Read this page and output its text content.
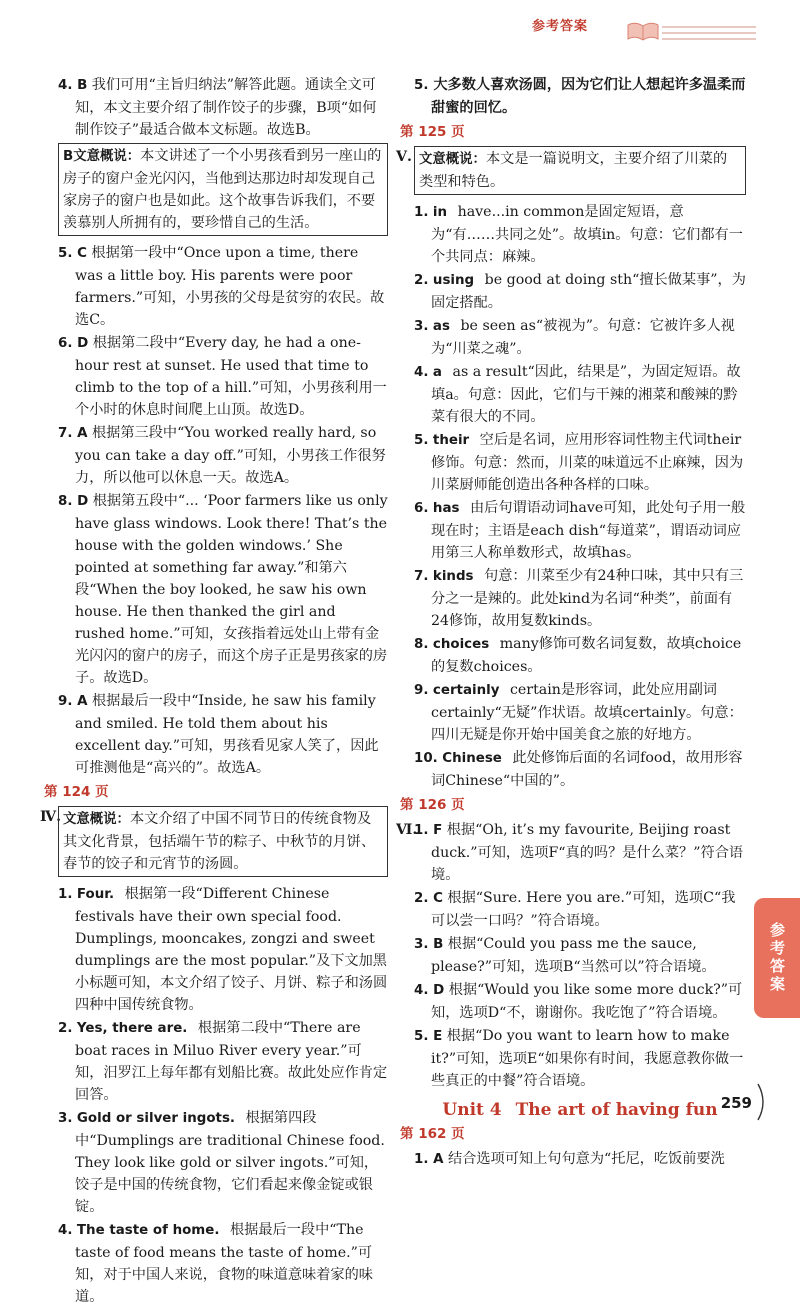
参考答案
4. B 我们可用“主旨归纳法”解答此题。通读全文可知，本文主要介绍了制作饺子的步骤，B项“如何制作饺子”最适合做本文标题。故选B。
B文意概说：本文讲述了一个小男孩看到另一座山的房子的窗户金光闪闪，当他到达那边时却发现自己家房子的窗户也是如此。这个故事告诉我们，不要羡慕别人所拥有的，要珍惜自己的生活。
5. C 根据第一段中“Once upon a time, there was a little boy. His parents were poor farmers.”可知，小男孩的父母是贫穷的农民。故选C。
6. D 根据第二段中“Every day, he had a one-hour rest at sunset. He used that time to climb to the top of a hill.”可知，小男孩利用一个小时的休息时间爬上山顶。故选D。
7. A 根据第三段中“You worked really hard, so you can take a day off.”可知，小男孩工作很努力，所以他可以休息一天。故选A。
8. D 根据第五段中“... ‘Poor farmers like us only have glass windows. Look there! That’s the house with the golden windows.’ She pointed at something far away.”和第六段“When the boy looked, he saw his own house. He then thanked the girl and rushed home.”可知，女孩指着远处山上带有金光闪闪的窗户的房子，而这个房子正是男孩家的房子。故选D。
9. A 根据最后一段中“Inside, he saw his family and smiled. He told them about his excellent day.”可知，男孩看见家人笑了，因此可推测他是“高兴的”。故选A。
第 124 页
Ⅳ. 文意概说：本文介绍了中国不同节日的传统食物及其文化背景，包括端午节的粽子、中秋节的月饼、春节的饺子和元宵节的汤圆。
1. Four. 根据第一段“Different Chinese festivals have their own special food. Dumplings, mooncakes, zongzi and sweet dumplings are the most popular.”及下文加黑小标题可知，本文介绍了饺子、月饼、粽子和汤圆四种中国传统食物。
2. Yes, there are. 根据第二段中“There are boat races in Miluo River every year.”可知，汨罗江上每年都有划船比赛。故此处应作肯定回答。
3. Gold or silver ingots. 根据第四段中“Dumplings are traditional Chinese food. They look like gold or silver ingots.”可知，饺子是中国的传统食物，它们看起来像金锭或银锭。
4. The taste of home. 根据最后一段中“The taste of food means the taste of home.”可知，对于中国人来说，食物的味道意味着家的味道。
5. 大多数人喜欢汤圆，因为它们让人想起许多温柔而甜蜜的回忆。
第 125 页
Ⅴ. 文意概说：本文是一篇说明文，主要介绍了川菜的类型和特色。
1. in have...in common是固定短语，意为“有……共同之处”。故填in。句意：它们都有一个共同点：麻辣。
2. using be good at doing sth“擅长做某事”，为固定搭配。
3. as be seen as“被视为”。句意：它被许多人视为“川菜之魂”。
4. a as a result“因此，结果是”，为固定短语。故填a。句意：因此，它们与干辣的湘菜和酸辣的黔菜有很大的不同。
5. their 空后是名词，应用形容词性物主代词their修饰。句意：然而，川菜的味道远不止麻辣，因为川菜厨师能创造出各种各样的口味。
6. has 由后句谓语动词have可知，此处句子用一般现在时；主语是each dish“每道菜”，谓语动词应用第三人称单数形式，故填has。
7. kinds 句意：川菜至少有24种口味，其中只有三分之一是辣的。此处kind为名词“种类”，前面有24修饰，故用复数kinds。
8. choices many修饰可数名词复数，故填choice的复数choices。
9. certainly certain是形容词，此处应用副词certainly“无疑”作状语。故填certainly。句意：四川无疑是你开始中国美食之旅的好地方。
10. Chinese 此处修饰后面的名词food，故用形容词Chinese“中国的”。
第 126 页
Ⅵ.
1. F 根据“Oh, it’s my favourite, Beijing roast duck.”可知，选项F“真的吗？是什么菜？”符合语境。
2. C 根据“Sure. Here you are.”可知，选项C“我可以尝一口吗？”符合语境。
3. B 根据“Could you pass me the sauce, please?”可知，选项B“当然可以”符合语境。
4. D 根据“Would you like some more duck?”可知，选项D“不，谢谢你。我吃饱了”符合语境。
5. E 根据“Do you want to learn how to make it?”可知，选项E“如果你有时间，我愿意教你做一些真正的中餐”符合语境。
Unit 4 The art of having fun
第 162 页
1. A 结合选项可知上句句意为“托尼，吃饭前要洗
参考答案
259
